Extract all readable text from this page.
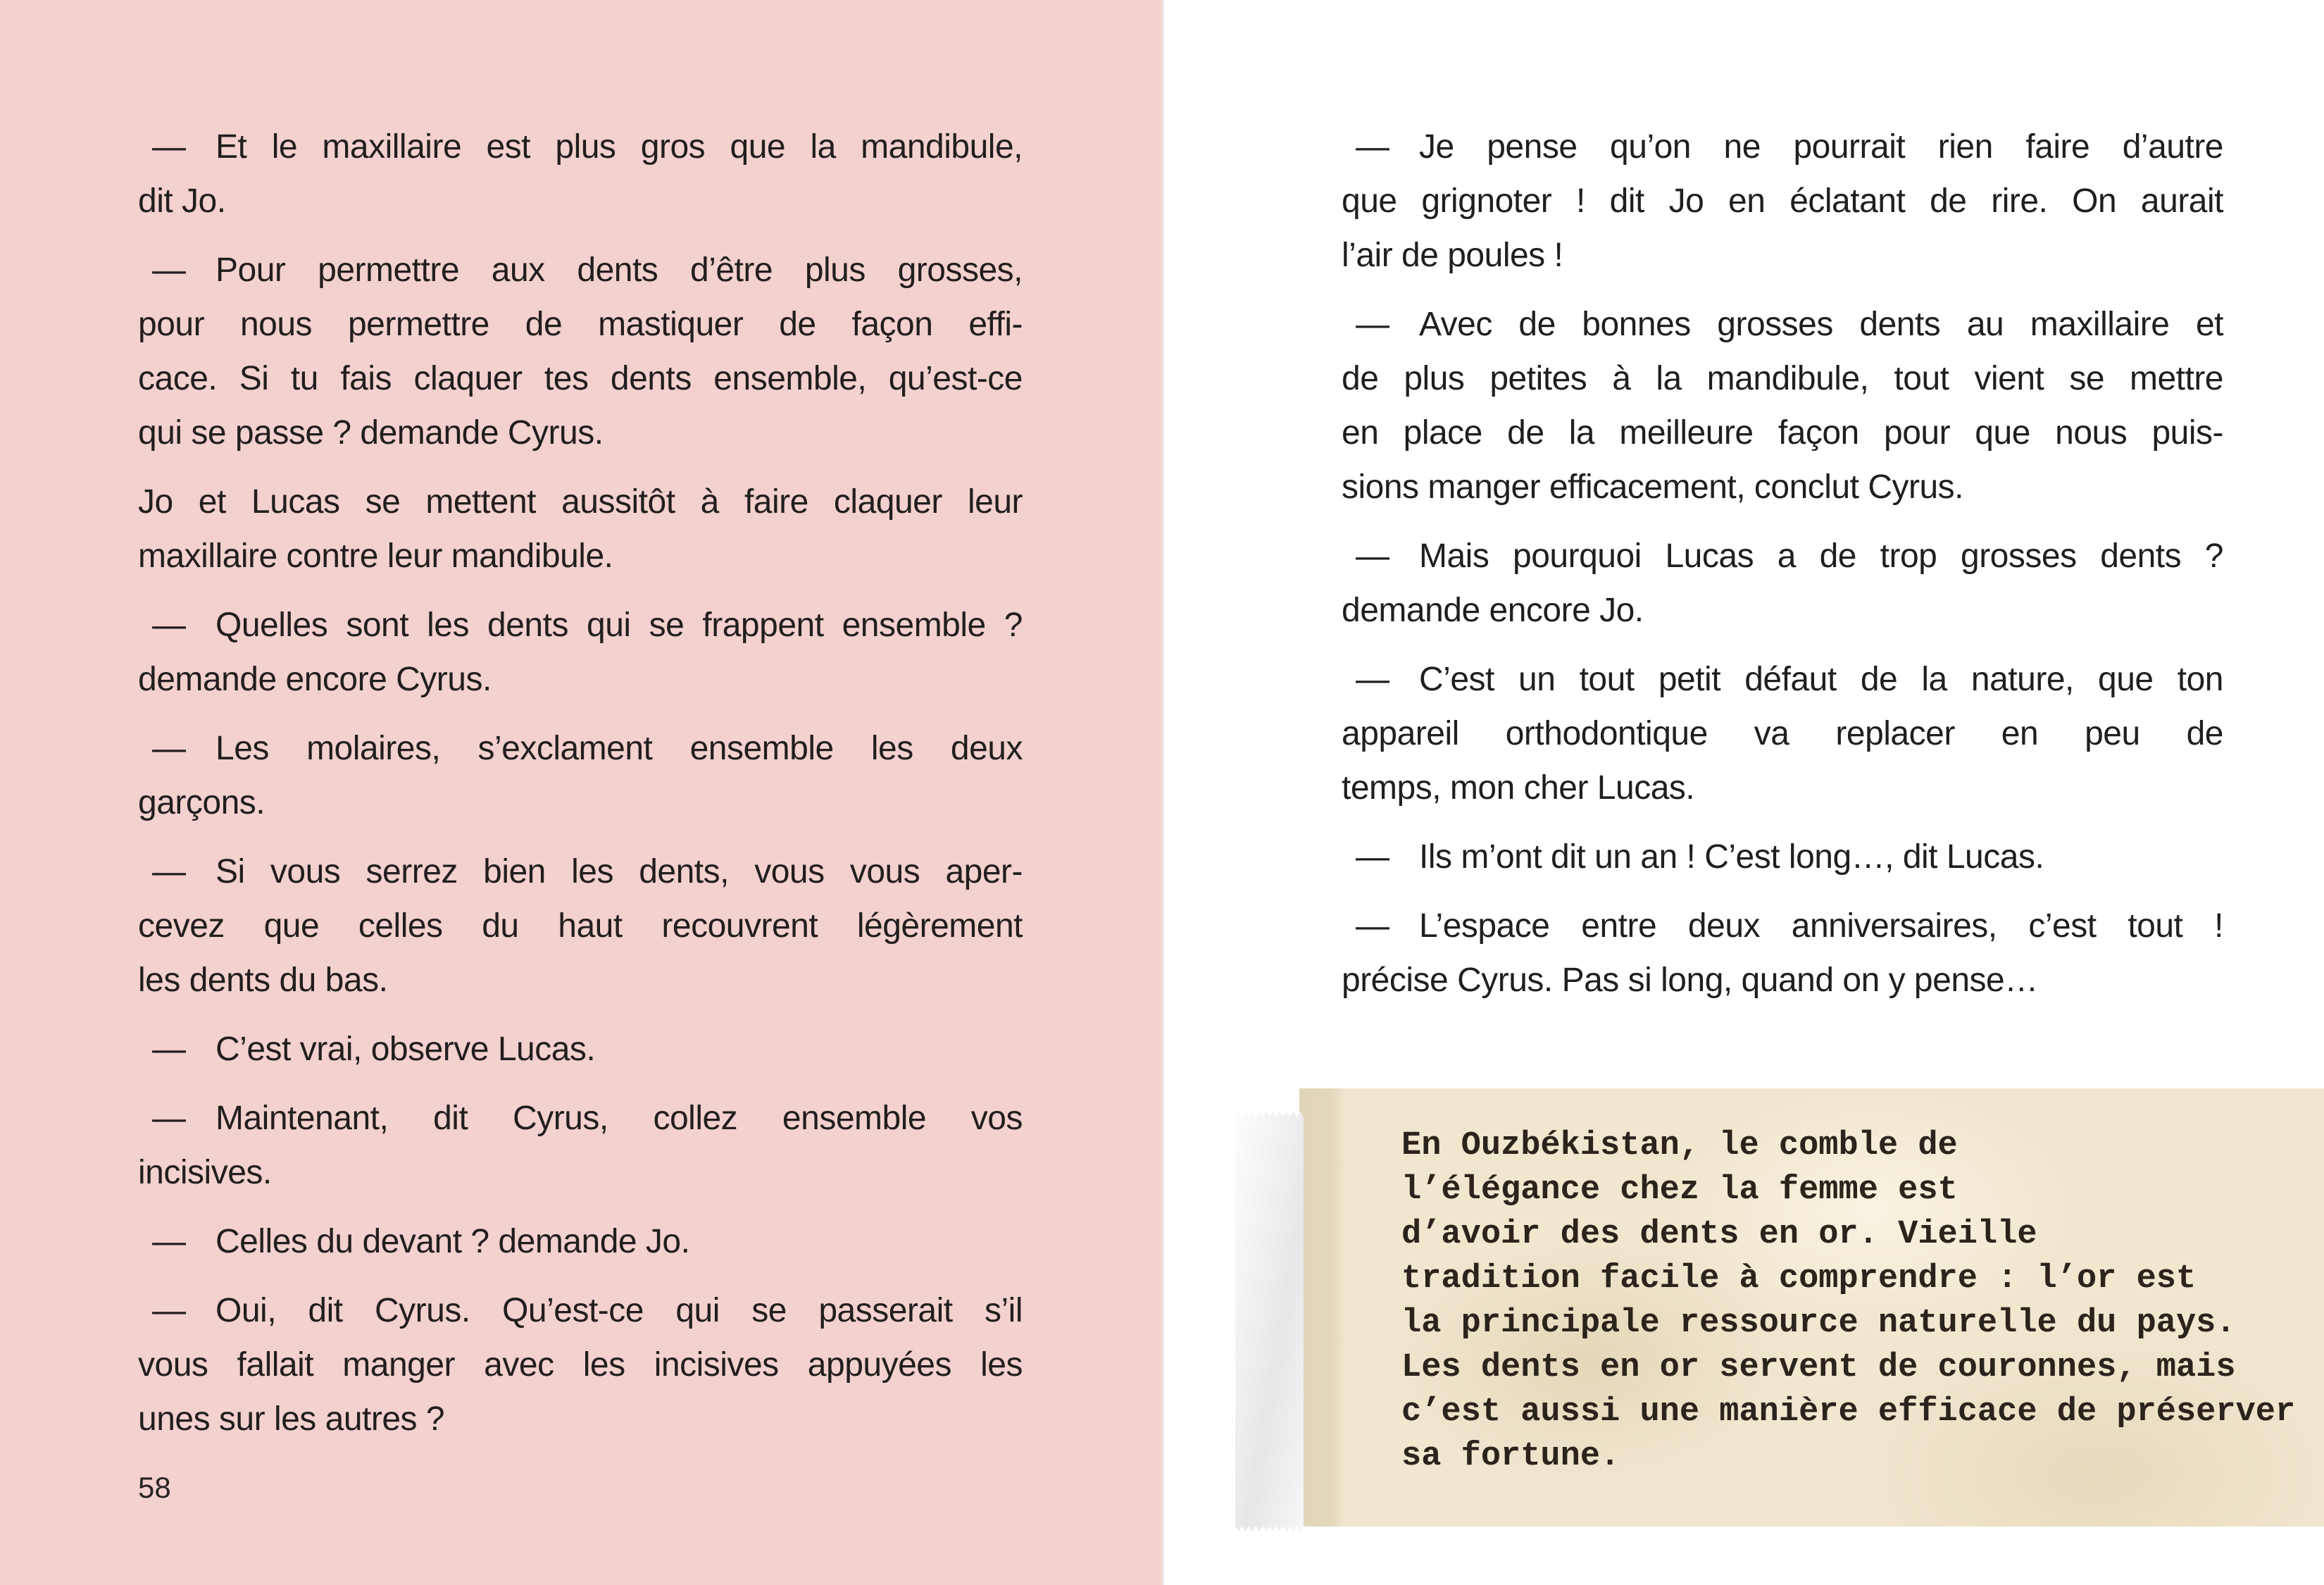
— Et le maxillaire est plus gros que la mandibule,
dit Jo.
— Pour permettre aux dents d’être plus grosses,
pour nous permettre de mastiquer de façon effi-
cace. Si tu fais claquer tes dents ensemble, qu’est-ce
qui se passe ? demande Cyrus.
Jo et Lucas se mettent aussitôt à faire claquer leur
maxillaire contre leur mandibule.
— Quelles sont les dents qui se frappent ensemble ?
demande encore Cyrus.
— Les molaires, s’exclament ensemble les deux
garçons.
— Si vous serrez bien les dents, vous vous aper-
cevez que celles du haut recouvrent légèrement
les dents du bas.
— C’est vrai, observe Lucas.
— Maintenant, dit Cyrus, collez ensemble vos
incisives.
— Celles du devant ? demande Jo.
— Oui, dit Cyrus. Qu’est-ce qui se passerait s’il
vous fallait manger avec les incisives appuyées les
unes sur les autres ?
58
— Je pense qu’on ne pourrait rien faire d’autre
que grignoter ! dit Jo en éclatant de rire. On aurait
l’air de poules !
— Avec de bonnes grosses dents au maxillaire et
de plus petites à la mandibule, tout vient se mettre
en place de la meilleure façon pour que nous puis-
sions manger efficacement, conclut Cyrus.
— Mais pourquoi Lucas a de trop grosses dents ?
demande encore Jo.
— C’est un tout petit défaut de la nature, que ton
appareil orthodontique va replacer en peu de
temps, mon cher Lucas.
— Ils m’ont dit un an ! C’est long…, dit Lucas.
— L’espace entre deux anniversaires, c’est tout !
précise Cyrus. Pas si long, quand on y pense…
En Ouzbékistan, le comble de
l’élégance chez la femme est
d’avoir des dents en or. Vieille
tradition facile à comprendre : l’or est
la principale ressource naturelle du pays.
Les dents en or servent de couronnes, mais
c’est aussi une manière efficace de préserver
sa fortune.
